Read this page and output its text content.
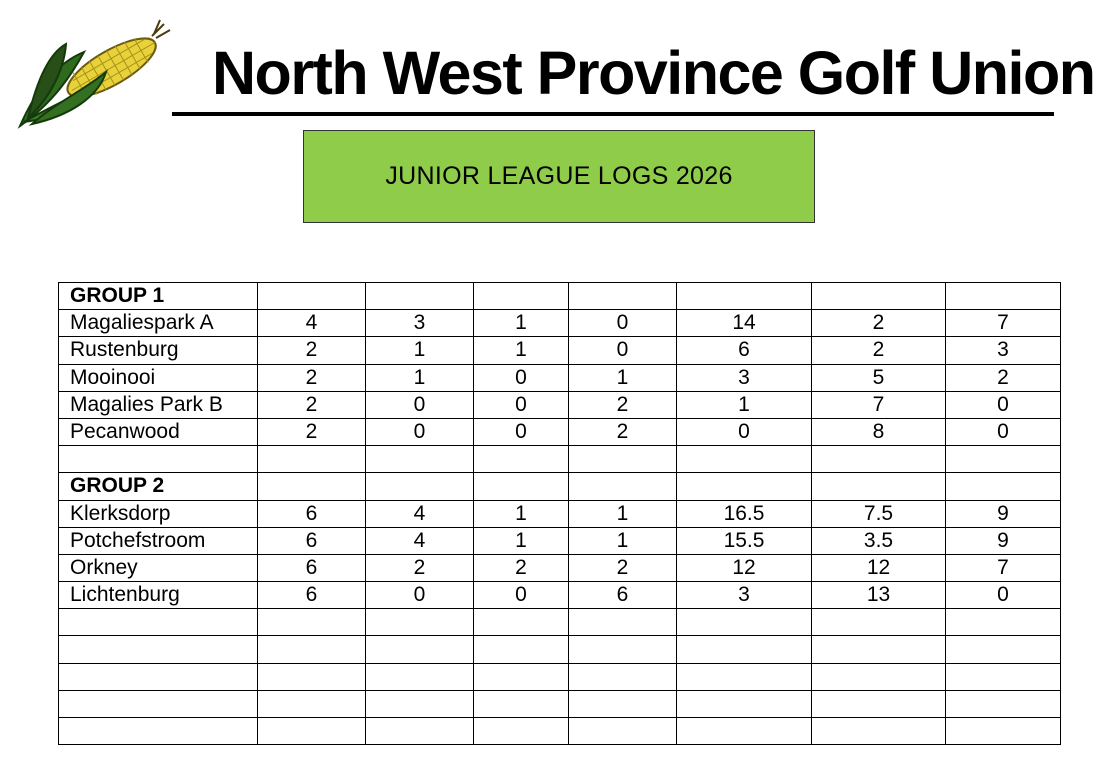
North West Province Golf Union
JUNIOR LEAGUE LOGS 2026
GROUP 1							
Magaliespark A	4	3	1	0	14	2	7
Rustenburg	2	1	1	0	6	2	3
Mooinooi	2	1	0	1	3	5	2
Magalies Park B	2	0	0	2	1	7	0
Pecanwood	2	0	0	2	0	8	0

GROUP 2							
Klerksdorp	6	4	1	1	16.5	7.5	9
Potchefstroom	6	4	1	1	15.5	3.5	9
Orkney	6	2	2	2	12	12	7
Lichtenburg	6	0	0	6	3	13	0
